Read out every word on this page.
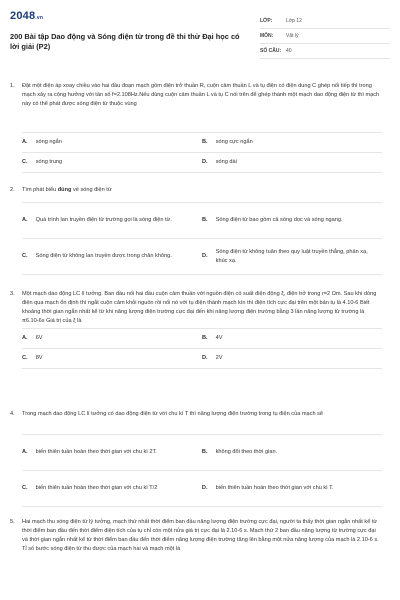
2048.vn
200 Bài tập Dao động và Sóng điện từ trong đề thi thử Đại học có lời giải (P2)
LỚP:	Lớp 12
MÔN:	Vật lý
SỐ CÂU: 40
1. Đặt một điện áp xoay chiều vào hai đầu đoạn mạch gồm điện trở thuần R, cuộn cảm thuần L và tụ điện có điện dung C ghép nối tiếp thì trong mạch xảy ra cộng hưởng với tần số f=2.108Hz.Nếu dùng cuộn cảm thuần L và tụ C nói trên để ghép thành một mạch dao động điện từ thì mạch này có thể phát được sóng điện từ thuộc vùng
A.	sóng ngắn	B.	sóng cực ngắn
C.	sóng trung	D.	sóng dài
2. Tìm phát biểu đúng về sóng điện từ
A.	Quá trình lan truyền điện từ trường gọi là sóng điện từ.	B.	Sóng điện từ bao gồm cả sóng dọc và sóng ngang.
C.	Sóng điện từ không lan truyền được trong chân không.	D.	Sóng điện từ không tuân theo quy luật truyền thẳng, phản xạ, khúc xạ.
3. Một mạch dao động LC lí tưởng. Ban đầu nối hai đầu cuộn cảm thuần với nguồn điện có suất điện động ξ, điện trở trong r=2 Ωm. Sau khi dòng điện qua mạch ổn định thì ngắt cuộn cảm khỏi nguồn rồi nối nó với tụ điện thành mạch kín thì điện tích cực đại trên một bản tụ là 4.10-6 Biết khoảng thời gian ngắn nhất kể từ khi năng lượng điện trường cực đại đến khi năng lượng điện trường bằng 3 lần năng lượng từ trường là π6.10-6s Giá trị của ξ là
A.	6V	B.	4V
C.	8V	D.	2V
4. Trong mạch dao động LC lí tưởng có dao động điện từ với chu kì T thì năng lượng điện trường trong tụ điện của mạch sẽ
A.	biến thiên tuần hoàn theo thời gian với chu kì 2T.	B.	không đổi theo thời gian.
C.	biến thiên tuần hoàn theo thời gian với chu kì T/2	D.	biến thiên tuần hoàn theo thời gian với chu kì T.
5. Hai mạch thu sóng điện từ lý tưởng, mạch thứ nhất thời điểm ban đầu năng lượng điện trường cực đại, người ta thấy thời gian ngắn nhất kể từ thời điểm ban đầu đến thời điểm điện tích của tụ chỉ còn một nửa giá trị cực đại là 2.10-6 s. Mạch thứ 2 ban đầu năng lượng từ trường cực đại và thời gian ngắn nhất kể từ thời điểm ban đầu đến thời điểm năng lượng điện trường tăng lên bằng một nửa năng lượng của mạch là 2.10-6 s. Tỉ số bước sóng điện từ thu được của mạch hai và mạch một là
